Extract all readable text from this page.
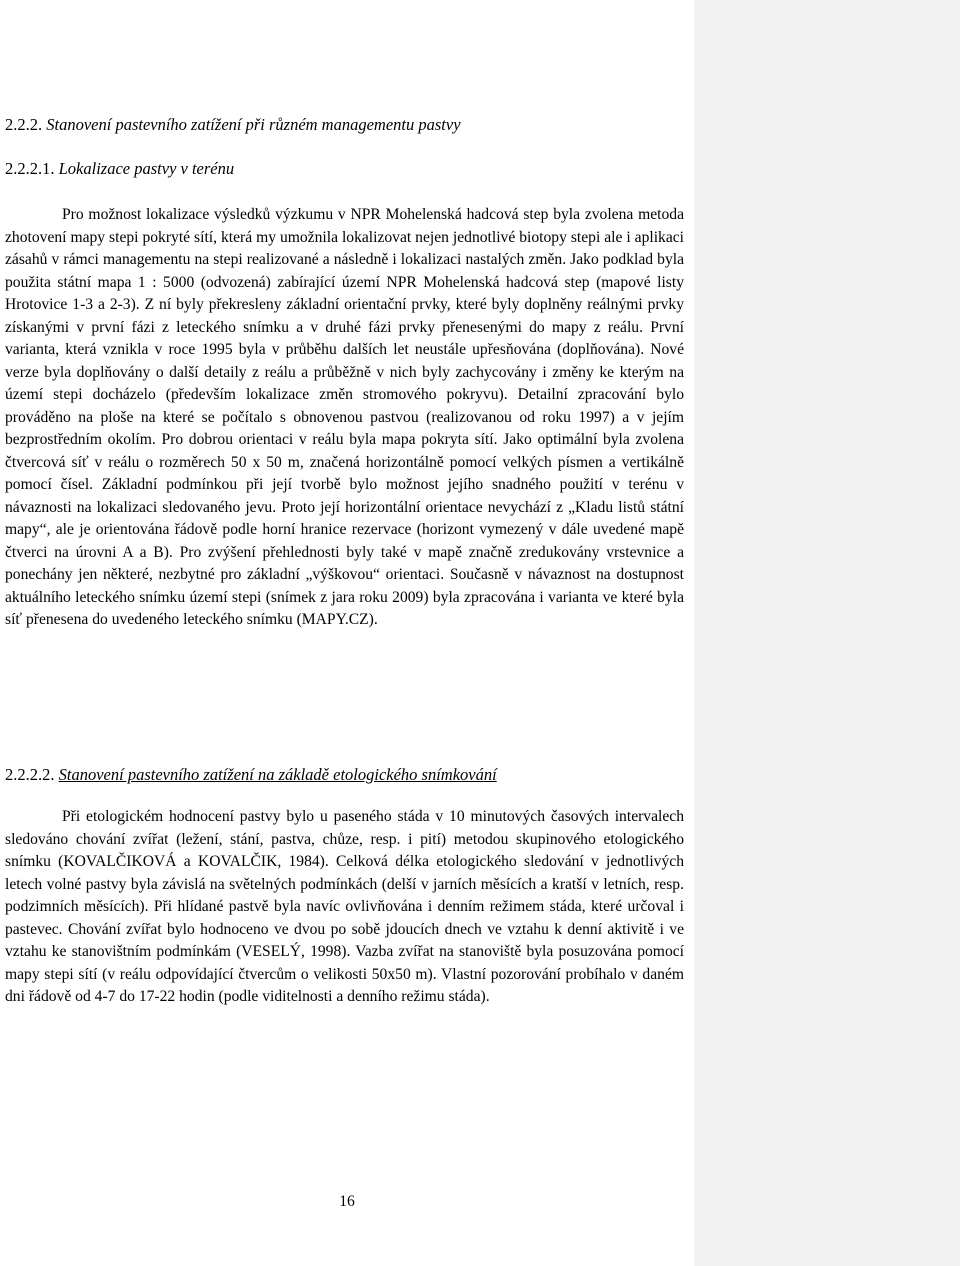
2.2.2. Stanovení pastevního zatížení při různém managementu pastvy
2.2.2.1. Lokalizace pastvy v terénu

Pro možnost lokalizace výsledků výzkumu v NPR Mohelenská hadcová step byla zvolena metoda zhotovení mapy stepi pokryté sítí, která my umožnila lokalizovat nejen jednotlivé biotopy stepi ale i aplikaci zásahů v rámci managementu na stepi realizované a následně i lokalizaci nastalých změn. Jako podklad byla použita státní mapa 1 : 5000 (odvozená) zabírající území NPR Mohelenská hadcová step (mapové listy Hrotovice 1-3 a 2-3). Z ní byly překresleny základní orientační prvky, které byly doplněny reálnými prvky získanými v první fázi z leteckého snímku a v druhé fázi prvky přenesenými do mapy z reálu. První varianta, která vznikla v roce 1995 byla v průběhu dalších let neustále upřesňována (doplňována). Nové verze byla doplňovány o další detaily z reálu a průběžně v nich byly zachycovány i změny ke kterým na území stepi docházelo (především lokalizace změn stromového pokryvu). Detailní zpracování bylo prováděno na ploše na které se počítalo s obnovenou pastvou (realizovanou od roku 1997) a v jejím bezprostředním okolím. Pro dobrou orientaci v reálu byla mapa pokryta sítí. Jako optimální byla zvolena čtvercová síť v reálu o rozměrech 50 x 50 m, značená horizontálně pomocí velkých písmen a vertikálně pomocí čísel. Základní podmínkou při její tvorbě bylo možnost jejího snadného použití v terénu v návaznosti na lokalizaci sledovaného jevu. Proto její horizontální orientace nevychází z „Kladu listů státní mapy“, ale je orientována řádově podle horní hranice rezervace (horizont vymezený v dále uvedené mapě čtverci na úrovni A a B). Pro zvýšení přehlednosti byly také v mapě značně zredukovány vrstevnice a ponechány jen některé, nezbytné pro základní „výškovou“ orientaci. Současně v návaznost na dostupnost aktuálního leteckého snímku území stepi (snímek z jara roku 2009) byla zpracována i varianta ve které byla síť přenesena do uvedeného leteckého snímku (MAPY.CZ).

2.2.2.2. Stanovení pastevního zatížení na základě etologického snímkování

Při etologickém hodnocení pastvy bylo u paseného stáda v 10 minutových časových intervalech sledováno chování zvířat (ležení, stání, pastva, chůze, resp. i pití) metodou skupinového etologického snímku (KOVALČIKOVÁ a KOVALČIK, 1984). Celková délka etologického sledování v jednotlivých letech volné pastvy byla závislá na světelných podmínkách (delší v jarních měsících a kratší v letních, resp. podzimních měsících). Při hlídané pastvě byla navíc ovlivňována i denním režimem stáda, které určoval i pastevec. Chování zvířat bylo hodnoceno ve dvou po sobě jdoucích dnech ve vztahu k denní aktivitě i ve vztahu ke stanovištním podmínkám (VESELÝ, 1998). Vazba zvířat na stanoviště byla posuzována pomocí mapy stepi sítí (v reálu odpovídající čtvercům o velikosti 50x50 m). Vlastní pozorování probíhalo v daném dni řádově od 4-7 do 17-22 hodin (podle viditelnosti a denního režimu stáda).

16
